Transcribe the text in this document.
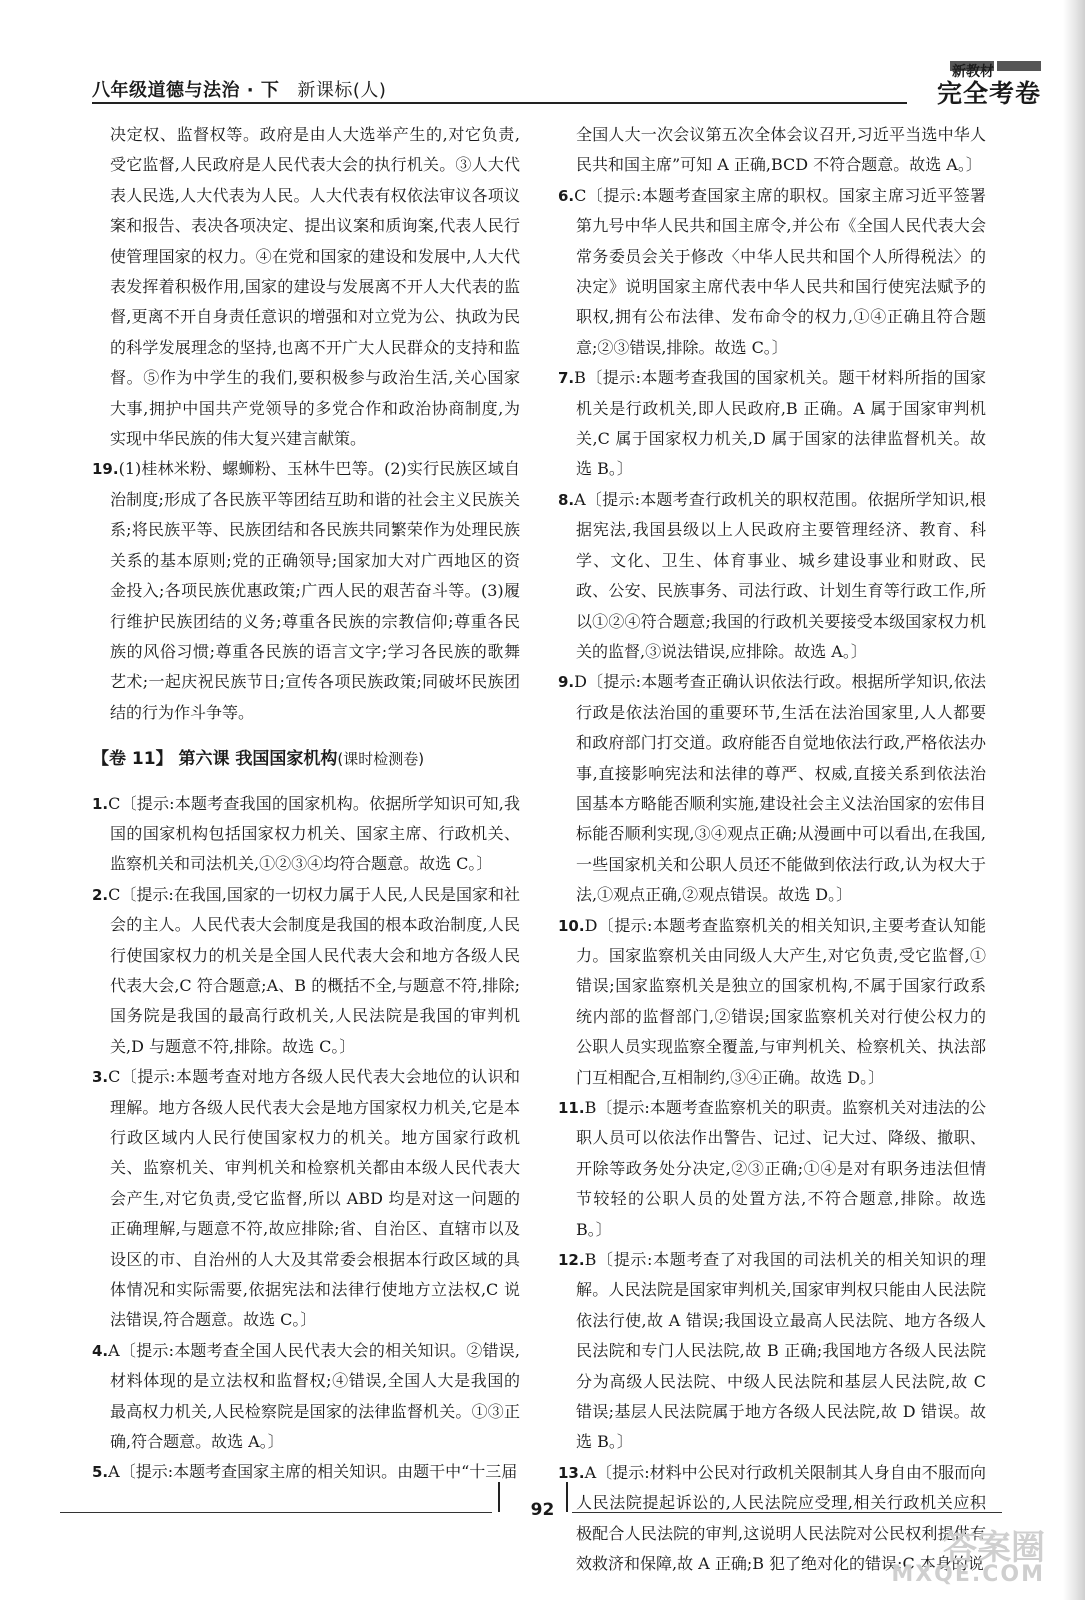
八年级道德与法治 · 下 新课标(人)
新教材
完全考卷

决定权、监督权等。政府是由人大选举产生的,对它负责,受它监督,人民政府是人民代表大会的执行机关。③人大代表人民选,人大代表为人民。人大代表有权依法审议各项议案和报告、表决各项决定、提出议案和质询案,代表人民行使管理国家的权力。④在党和国家的建设和发展中,人大代表发挥着积极作用,国家的建设与发展离不开人大代表的监督,更离不开自身责任意识的增强和对立党为公、执政为民的科学发展理念的坚持,也离不开广大人民群众的支持和监督。⑤作为中学生的我们,要积极参与政治生活,关心国家大事,拥护中国共产党领导的多党合作和政治协商制度,为实现中华民族的伟大复兴建言献策。

19.(1)桂林米粉、螺蛳粉、玉林牛巴等。(2)实行民族区域自治制度;形成了各民族平等团结互助和谐的社会主义民族关系;将民族平等、民族团结和各民族共同繁荣作为处理民族关系的基本原则;党的正确领导;国家加大对广西地区的资金投入;各项民族优惠政策;广西人民的艰苦奋斗等。(3)履行维护民族团结的义务;尊重各民族的宗教信仰;尊重各民族的风俗习惯;尊重各民族的语言文字;学习各民族的歌舞艺术;一起庆祝民族节日;宣传各项民族政策;同破坏民族团结的行为作斗争等。

【卷 11】 第六课 我国国家机构(课时检测卷)

1.C〔提示:本题考查我国的国家机构。依据所学知识可知,我国的国家机构包括国家权力机关、国家主席、行政机关、监察机关和司法机关,①②③④均符合题意。故选 C。〕

2.C〔提示:在我国,国家的一切权力属于人民,人民是国家和社会的主人。人民代表大会制度是我国的根本政治制度,人民行使国家权力的机关是全国人民代表大会和地方各级人民代表大会,C 符合题意;A、B 的概括不全,与题意不符,排除;国务院是我国的最高行政机关,人民法院是我国的审判机关,D 与题意不符,排除。故选 C。〕

3.C〔提示:本题考查对地方各级人民代表大会地位的认识和理解。地方各级人民代表大会是地方国家权力机关,它是本行政区域内人民行使国家权力的机关。地方国家行政机关、监察机关、审判机关和检察机关都由本级人民代表大会产生,对它负责,受它监督,所以 ABD 均是对这一问题的正确理解,与题意不符,故应排除;省、自治区、直辖市以及设区的市、自治州的人大及其常委会根据本行政区域的具体情况和实际需要,依据宪法和法律行使地方立法权,C 说法错误,符合题意。故选 C。〕

4.A〔提示:本题考查全国人民代表大会的相关知识。②错误,材料体现的是立法权和监督权;④错误,全国人大是我国的最高权力机关,人民检察院是国家的法律监督机关。①③正确,符合题意。故选 A。〕

5.A〔提示:本题考查国家主席的相关知识。由题干中“十三届

全国人大一次会议第五次全体会议召开,习近平当选中华人民共和国主席”可知 A 正确,BCD 不符合题意。故选 A。〕

6.C〔提示:本题考查国家主席的职权。国家主席习近平签署第九号中华人民共和国主席令,并公布《全国人民代表大会常务委员会关于修改〈中华人民共和国个人所得税法〉的决定》说明国家主席代表中华人民共和国行使宪法赋予的职权,拥有公布法律、发布命令的权力,①④正确且符合题意;②③错误,排除。故选 C。〕

7.B〔提示:本题考查我国的国家机关。题干材料所指的国家机关是行政机关,即人民政府,B 正确。A 属于国家审判机关,C 属于国家权力机关,D 属于国家的法律监督机关。故选 B。〕

8.A〔提示:本题考查行政机关的职权范围。依据所学知识,根据宪法,我国县级以上人民政府主要管理经济、教育、科学、文化、卫生、体育事业、城乡建设事业和财政、民政、公安、民族事务、司法行政、计划生育等行政工作,所以①②④符合题意;我国的行政机关要接受本级国家权力机关的监督,③说法错误,应排除。故选 A。〕

9.D〔提示:本题考查正确认识依法行政。根据所学知识,依法行政是依法治国的重要环节,生活在法治国家里,人人都要和政府部门打交道。政府能否自觉地依法行政,严格依法办事,直接影响宪法和法律的尊严、权威,直接关系到依法治国基本方略能否顺利实施,建设社会主义法治国家的宏伟目标能否顺利实现,③④观点正确;从漫画中可以看出,在我国,一些国家机关和公职人员还不能做到依法行政,认为权大于法,①观点正确,②观点错误。故选 D。〕

10.D〔提示:本题考查监察机关的相关知识,主要考查认知能力。国家监察机关由同级人大产生,对它负责,受它监督,①错误;国家监察机关是独立的国家机构,不属于国家行政系统内部的监督部门,②错误;国家监察机关对行使公权力的公职人员实现监察全覆盖,与审判机关、检察机关、执法部门互相配合,互相制约,③④正确。故选 D。〕

11.B〔提示:本题考查监察机关的职责。监察机关对违法的公职人员可以依法作出警告、记过、记大过、降级、撤职、开除等政务处分决定,②③正确;①④是对有职务违法但情节较轻的公职人员的处置方法,不符合题意,排除。故选 B。〕

12.B〔提示:本题考查了对我国的司法机关的相关知识的理解。人民法院是国家审判机关,国家审判权只能由人民法院依法行使,故 A 错误;我国设立最高人民法院、地方各级人民法院和专门人民法院,故 B 正确;我国地方各级人民法院分为高级人民法院、中级人民法院和基层人民法院,故 C 错误;基层人民法院属于地方各级人民法院,故 D 错误。故选 B。〕

13.A〔提示:材料中公民对行政机关限制其人身自由不服而向人民法院提起诉讼的,人民法院应受理,相关行政机关应积极配合人民法院的审判,这说明人民法院对公民权利提供有效救济和保障,故 A 正确;B 犯了绝对化的错误;C 本身的说

92
答案圈
MXQE.COM
